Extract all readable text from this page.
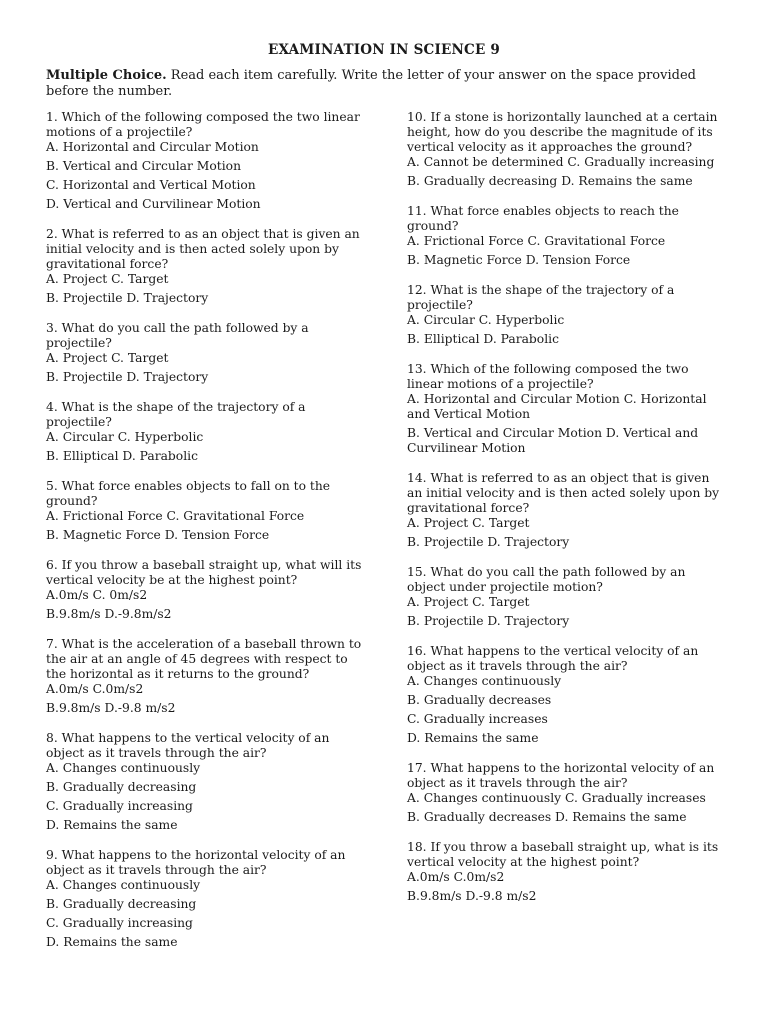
EXAMINATION IN SCIENCE 9
Multiple Choice. Read each item carefully. Write the letter of your answer on the space provided before the number.
1. Which of the following composed the two linear motions of a projectile?
A. Horizontal and Circular Motion
B. Vertical and Circular Motion
C. Horizontal and Vertical Motion
D. Vertical and Curvilinear Motion
2. What is referred to as an object that is given an initial velocity and is then acted solely upon by gravitational force?
A. Project C. Target
B. Projectile D. Trajectory
3. What do you call the path followed by a projectile?
A. Project C. Target
B. Projectile D. Trajectory
4. What is the shape of the trajectory of a projectile?
A. Circular C. Hyperbolic
B. Elliptical D. Parabolic
5. What force enables objects to fall on to the ground?
A. Frictional Force C. Gravitational Force
B. Magnetic Force D. Tension Force
6. If you throw a baseball straight up, what will its vertical velocity be at the highest point?
A.0m/s C. 0m/s2
B.9.8m/s D.-9.8m/s2
7. What is the acceleration of a baseball thrown to the air at an angle of 45 degrees with respect to the horizontal as it returns to the ground?
A.0m/s C.0m/s2
B.9.8m/s D.-9.8 m/s2
8. What happens to the vertical velocity of an object as it travels through the air?
A. Changes continuously
B. Gradually decreasing
C. Gradually increasing
D. Remains the same
9. What happens to the horizontal velocity of an object as it travels through the air?
A. Changes continuously
B. Gradually decreasing
C. Gradually increasing
D. Remains the same
10. If a stone is horizontally launched at a certain height, how do you describe the magnitude of its vertical velocity as it approaches the ground?
A. Cannot be determined C. Gradually increasing
B. Gradually decreasing D. Remains the same
11. What force enables objects to reach the ground?
A. Frictional Force C. Gravitational Force
B. Magnetic Force D. Tension Force
12. What is the shape of the trajectory of a projectile?
A. Circular C. Hyperbolic
B. Elliptical D. Parabolic
13. Which of the following composed the two linear motions of a projectile?
A. Horizontal and Circular Motion C. Horizontal and Vertical Motion
B. Vertical and Circular Motion D. Vertical and Curvilinear Motion
14. What is referred to as an object that is given an initial velocity and is then acted solely upon by gravitational force?
A. Project C. Target
B. Projectile D. Trajectory
15. What do you call the path followed by an object under projectile motion?
A. Project C. Target
B. Projectile D. Trajectory
16. What happens to the vertical velocity of an object as it travels through the air?
A. Changes continuously
B. Gradually decreases
C. Gradually increases
D. Remains the same
17. What happens to the horizontal velocity of an object as it travels through the air?
A. Changes continuously C. Gradually increases
B. Gradually decreases D. Remains the same
18. If you throw a baseball straight up, what is its vertical velocity at the highest point?
A.0m/s C.0m/s2
B.9.8m/s D.-9.8 m/s2
